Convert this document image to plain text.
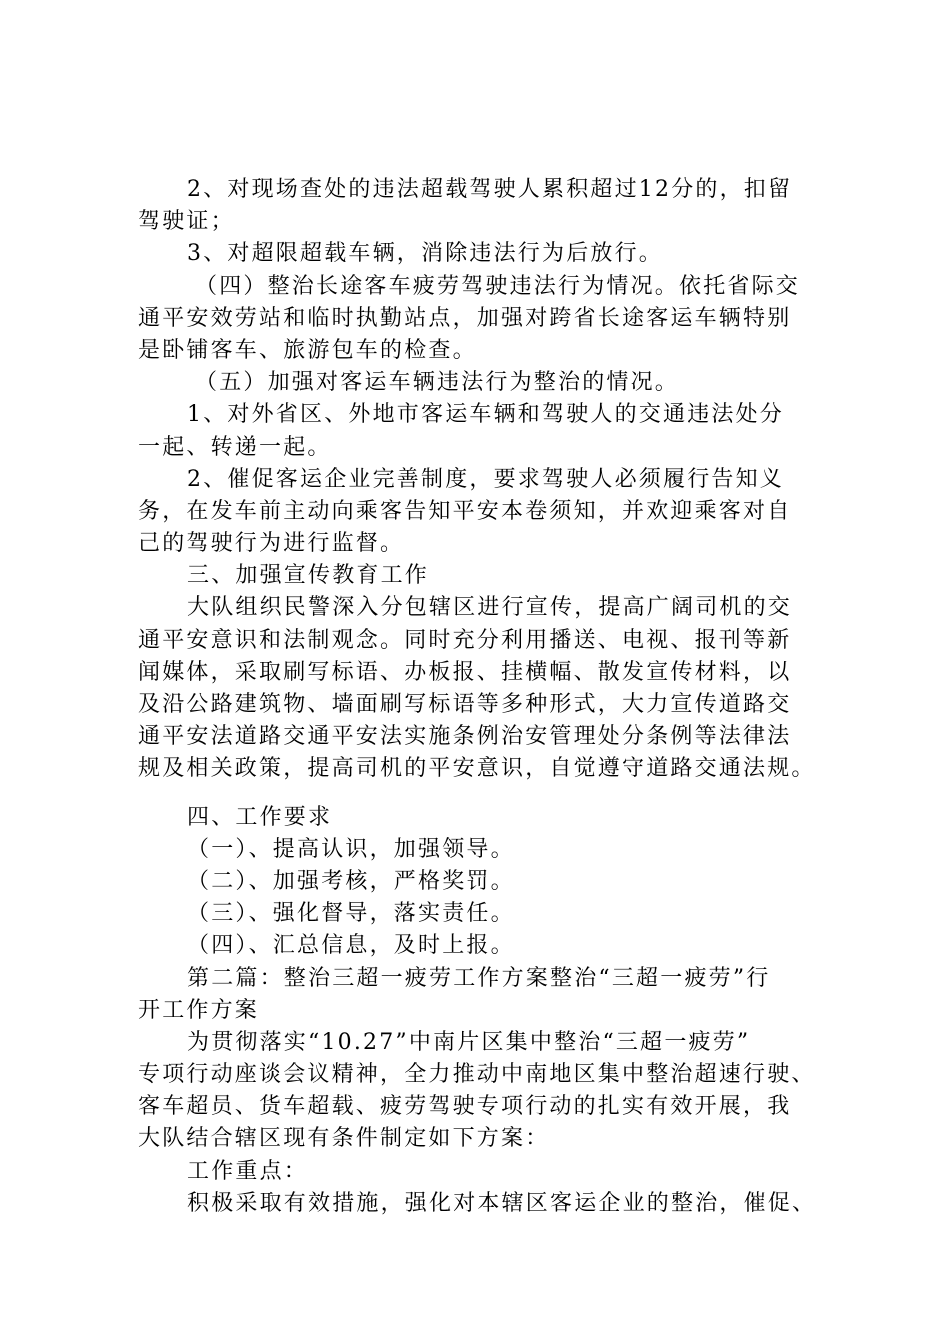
2、对现场查处的违法超载驾驶人累积超过12分的，扣留
驾驶证；
3、对超限超载车辆，消除违法行为后放行。
（四）整治长途客车疲劳驾驶违法行为情况。依托省际交
通平安效劳站和临时执勤站点，加强对跨省长途客运车辆特别
是卧铺客车、旅游包车的检查。
（五）加强对客运车辆违法行为整治的情况。
1、对外省区、外地市客运车辆和驾驶人的交通违法处分
一起、转递一起。
2、催促客运企业完善制度，要求驾驶人必须履行告知义
务，在发车前主动向乘客告知平安本卷须知，并欢迎乘客对自
己的驾驶行为进行监督。
三、加强宣传教育工作
大队组织民警深入分包辖区进行宣传，提高广阔司机的交
通平安意识和法制观念。同时充分利用播送、电视、报刊等新
闻媒体，采取刷写标语、办板报、挂横幅、散发宣传材料，以
及沿公路建筑物、墙面刷写标语等多种形式，大力宣传道路交
通平安法道路交通平安法实施条例治安管理处分条例等法律法
规及相关政策，提高司机的平安意识，自觉遵守道路交通法规。
四、工作要求
（一）、提高认识，加强领导。
（二）、加强考核，严格奖罚。
（三）、强化督导，落实责任。
（四）、汇总信息，及时上报。
第二篇：整治三超一疲劳工作方案整治“三超一疲劳”行
开工作方案
为贯彻落实“10.27”中南片区集中整治“三超一疲劳”
专项行动座谈会议精神，全力推动中南地区集中整治超速行驶、
客车超员、货车超载、疲劳驾驶专项行动的扎实有效开展，我
大队结合辖区现有条件制定如下方案：
工作重点：
积极采取有效措施，强化对本辖区客运企业的整治，催促、
